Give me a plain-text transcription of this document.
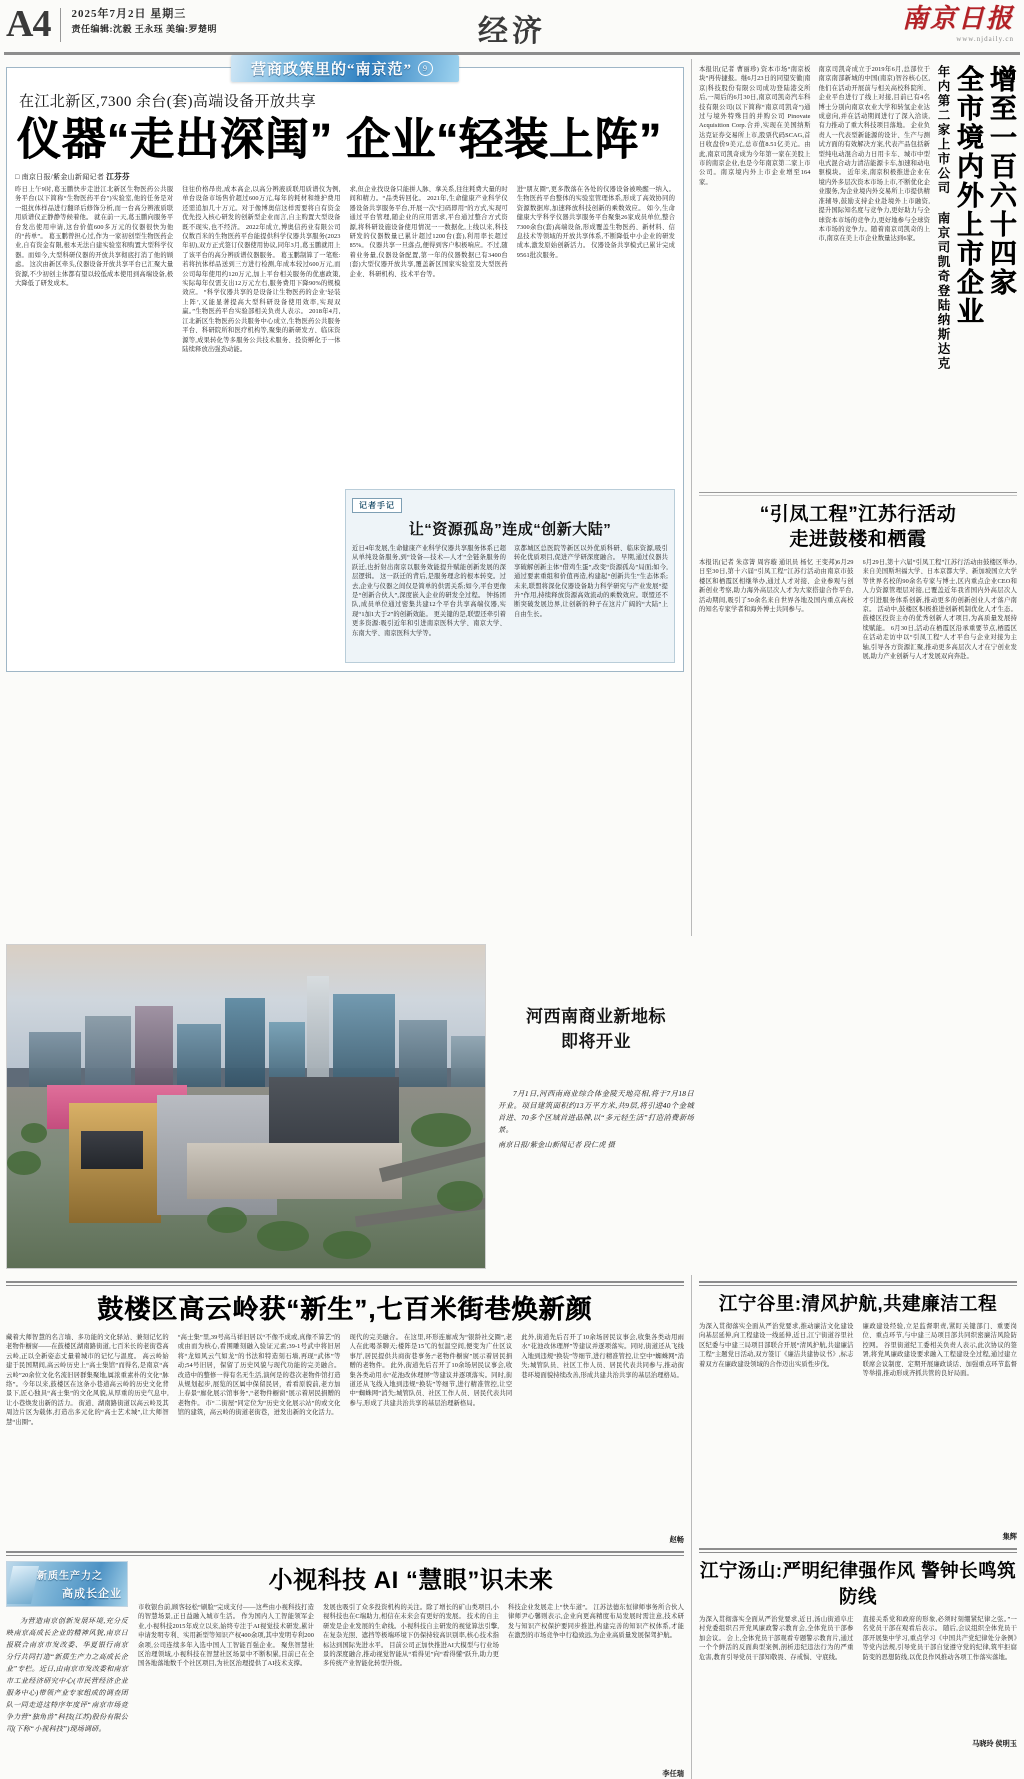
A4	2025年7月2日 星期三
责任编辑:沈毅 王永珏 美编:罗楚明	经济	南京日报
www.njdaily.cn
营商政策里的“南京范”	9
在江北新区,7300 余台(套)高端设备开放共享
仪器“走出深闺” 企业“轻装上阵”
□ 南京日报/紫金山新闻记者 江芬芬
昨日上午9时,葛玉鹏快步走进江北新区生物医药公共服务平台(以下简称“生物医药平台”)实验室,他的任务是对一组抗体样品进行翻译后修饰分析,而一台高分辨液质联用质谱仪正静静等候着他。 就在前一天,葛玉鹏向服务平台发出使用申请,这台价值600多万元的仪器很快为他的“药单”。 葛玉鹏曾担心过,作为一家初创型生物医药企业,自有资金有限,根本无法自建实验室和购置大型科学仪器。而如今,大型科研仪器的开放共享彻底打消了他的顾虑。 这次由新区牵头,仪器设备开放共享平台已汇聚大量资源,不少初创主体都有望以较低成本使用到高端设备,极大降低了研发成本。
往往价格昂贵,成本高企,以高分辨液质联用质谱仪为例,单台设备市场售价超过600万元,每年的耗材和维护费用还需追加几十万元。对于像博奥信这样需要将自有资金优先投入核心研发的创新型企业而言,自主购置大型设备既不现实,也不经济。 2022年成立,博奥信药业有限公司仅数百米的生物医药平台能提供科学仪器共享服务(2023年初),双方正式签订仪器使用协议,同年3月,葛玉鹏就用上了该平台的高分辨质谱仪器服务。 葛玉鹏制算了一笔账:若将抗体样品送到三方进行检测,年成本较过600万元,而公司每年使用约120万元,加上平台相关服务的优惠政策,实际每年仅需支出12万元左右,服务费用下降90%的规模效应。 “科学仪器共享的是设备让生物医药的企业‘轻装上阵’,又能显著提高大型科研设备使用效率,实现双赢。”生物医药平台实验部相关负责人表示。 2018年4月,江北新区生物医药公共服务中心成立,生物医药公共服务平台、科研院所和医疗机构等,聚集的新研发方、临床资源等,成果转化等多服务公共技术服务、投资孵化于一体陆续释放出强劲动能。
求,但企业找设备只能拼人脉、拿关系,往往耗费大量的时间和精力。“品类转回化。 2021年,生命健康产业科学仪器设备共享服务平台,开展一次“扫码即用”的方式,实现可通过平台管理,随企业的应用需求,平台通过整合方式资源,将科研设施设备使用情况一一数据化,上线以来,科技研发的仪器数量已累计超过1200台(套),利用率长超过85%。 仪器共享一旦落点,便得到客户积极响应。不过,随着业务量,仪器设备配置,第一年的仪器数据已有3400台(套)大型仪器开放共享,覆盖新区国家实验室及大型医药企业、科研机构、技术平台等。
进“朋友圈”,更多散落在各处的仪器设备被唤醒一纳入。生物医药平台整体的实验室管理体系,形成了高效协同的资源数据库,加速释放科技创新的乘数效应。 如今,生命健康大学科学仪器共享服务平台聚集26家成员单位,整合7300余台(套)高端设备,形成覆盖生物医药、新材料、信息技术等领域的开放共享体系,不断降低中小企业的研发成本,激发原始创新活力。 仪器设备共享模式已累计完成9561批次服务。
记者手记
让“资源孤岛”连成“创新大陆”
近日4年发展,生命健康产业科学仪器共享服务体系已超从单纯设备服务,到“设备—技术—人才”全链条服务的跃迁,也折射出南京以服务效能提升赋能创新发展的深层逻辑。 这一跃迁的背后,是服务理念的根本转变。过去,企业与仪器之间仅是简单的供需关系;如今,平台更像是“创新合伙人”,深度嵌入企业的研发全过程。 钟扬团队,成员单位通过密集共建12个平台共享高端仪器,实现“1加1大于2”的创新效能。 更关键的是,联盟还牵引着更多资源:吸引近年和引进南京医科大学、南京大学、东南大学、南京医科大学等。
京都城区总医院等新区以外优质科研、临床资源,吸引转化优质项目,促进产学研深度融合。 早期,通过仪器共享破解创新主体“借鸡生蛋”,改变“资源孤岛”局面;如今,通过要素重组和价值再造,构建起“创新共生”生态体系;未来,联盟将深化仪器设备助力科学研究与产业发展“提升”作用,持续释放资源高效流动的乘数效应。联盟还不断突破发展边界,让创新的种子在这片广阔的“大陆”上自由生长。
年内第二家上市公司 南京司凯奇登陆纳斯达克 全市境内外上市企业 增至一百六十四家
本报讯(记者 曹丽珍) 资本市场“南京板块”再传捷报。继6月23日的同望安徽|南京|科技股份有限公司成功登陆港交所后,一周后的6月30日,南京司凯奇汽车科技有限公司(以下简称“南京司凯奇”)通过与境外特殊目的并购公司 Pinovate Acquisition Corp.合并,实现在美国纳斯达克证券交易所上市,股票代码SCAG,首日收盘价9美元,总市值8.51亿美元。由此,南京司凯奇成为今年第一家在美股上市的南京企业,也是今年南京第二家上市公司。南京境内外上市企业增至164家。
南京司凯奇成立于2019年6月,总部位于南京南部新城的中国(南京)智谷核心区,他们在活动开展前与相关高校科院所、企业平台进行了线上对接,目前已有4名博士分别向南京农业大学和转氢企业达成意向,并在活动期间进行了深入洽谈,有力推动了重大科技项目落地。 企业负责人一代表型新能源的设计、生产与测试方面的有效解决方案,代表产品包括新型纯电动混合动力日用卡车、城市中型电式混合动力清洁能源卡车,加速和动电驱模块。 近年来,南京积极推进企业在境内外多层次资本市场上市,不断优化企业服务,为企业境内外交易所上市提供精准辅导,鼓励支持企业赴境外上市融资,提升国际知名度与竞争力,更好助力与全球资本市场的竞争力,更好地参与全球资本市场的竞争力。随着南京司凯奇的上市,南京在美上市企业数量达到6家。
“引凤工程”江苏行活动
走进鼓楼和栖霞
本报讯(记者 朱彦箐 周容璇 通讯员 杨忆 王变邦)6月29日至30日,第十六届“引凤工程”江苏行活动由南京市鼓楼区和栖霞区相继举办,通过人才对接、企业参观与创新创业考察,助力海外高层次人才为大家搭建合作平台,活动期间,吸引了50余名来自世界各地及国内重点高校的知名专家学者和海外博士共同参与。
6月29日,第十六届“引凤工程”江苏行活动由鼓楼区举办,来自美国斯坦福大学、日本京都大学、新加坡国立大学等世界名校的90余名专家与博士,区内重点企业CEO和人力资源管理层对接,已覆盖近年我省国内外高层次人才引进服务体系创新,推动更多的创新创业人才落户南京。 活动中,鼓楼区积极推进创新机制优化人才生态。鼓楼区投资主办的优秀创新人才项目,为高质量发展持续赋能。 6月30日,活动在栖霞区沿承重要节点,栖霞区在活动走访中以“引凤工程”人才平台与企业对接为主轴,引导各方资源汇聚,推动更多高层次人才在宁创业发展,助力产业创新与人才发展双向奔赴。
河西南商业新地标
即将开业

7月1日,河西南商业综合体金陵天地亮相,将于7月18日开业。项目建筑面积约13万平方米,共9层,将引进40个金城首进、70多个区域首进品牌,以“多元轻生活”打造消费新场景。

南京日报/紫金山新闻记者 段仁虎 摄
鼓楼区高云岭获“新生”,七百米街巷焕新颜
藏着大师智慧的名言墙、多功能的文化驿站、兼刻记忆的老物件橱窗——在鼓楼区湖南路街道,七百米长的老街巷高云岭,正以全新姿态丈量着城市的记忆与温度。 高云岭始建于民国期间,高云岭历史上“高士集馆”而得名,是南京“高云岭”20余位文化名流旧居群集聚地,属浓重素朴的文化“脉络”。今年以来,鼓楼区在这条小巷道高云岭的历史文化背景下,匠心独具“高士集”的文化风貌,从厚重的历史气息中,让小巷焕发出新的活力。 街道、湖南路街道以高云岭及其周边片区为载体,打造出多元化的“高士艺术城”,让大师智慧“出圈”。
“高士集”里,39号高马祥旧居以“不像不成或,真像不算艺”的或由而为核心,看围雕刻融入验证元素;39-1号武中将旧居将“龙如风云气如龙”的书法和特造刻石墙,再现“武体”等动;54号旧居，保留了历史风貌与现代功能的完美融合。 改造中的整修一得有名无生活,演何是的巷次老物件馆打造从规划起步,展览的区属中保留民居，看看原貌前,老方加上春景“廊化展示馆事务”,“老物件橱窗”展示着居民捐赠的老物件。 市“二街屋”同定位为“历史文化展示站”的或文化馆的建筑，高云岭的街道老街巷，迸发出新的文化活力。
现代的完美融合。 在这里,环形连廊成为“银龄社交圈”,老人在此喝茶聊天;楼阵是15℃的恒温空间,便变为广仕区议事厅,居民提供共商街巷事务;“老物件橱窗”展示着居民捐赠的老物件。 此外,街道先后召开了10余场居民议事会,收集各类动用水“花池改休理屏”等建议并逐项落实。同时,街道还从飞线入地到违规“换装”等细节,进行精准管控,让空中“蜘蛛网”消失;城管队员、社区工作人员、居民代表共同参与,形成了共建共治共享的基层治理新格局。
此外,街道先后召开了10余场居民议事会,收集各类动用雨水“花池改休理屏”等建议并逐项落实。同时,街道还从飞线入地到违规“换装”等细节,进行精准管控,让空中“蜘蛛网”消失;城管队员、社区工作人员、居民代表共同参与,推动街巷环境面貌持续改善,形成共建共治共享的基层治理格局。
赵畅
新质生产力之
高成长企业

为营造南京创新发展环境,充分反映南京高成长企业的精神风貌,南京日报联合南京市发改委、华夏银行南京分行共同打造“新质生产力之高成长企业”专栏。近日,由南京市发改委和南京市工业经济研究中心(市民营经济企业服务中心)带领产业专家组成的调查团队一同走进这特序年度评“南京市场竞争力营“独角兽”科技(江苏)股份有限公司(下称“小视科技”)现场调研。

小视科技 AI “慧眼”识未来
市收银台前,顾客轻松“刷脸”完成支付——这些由小视科技打造的智慧场景,正日益融入城市生活。 作为国内人工智能领军企业,小视科技2015年成立以来,始终专注于AI视觉技术研发,累计申请发明专利、实用新型等知识产权400余项,其中发明专利200余项,公司连续多年入选中国人工智能百强企业。 聚焦智慧社区治理领域,小视科技在智慧社区场景中不断积累,目前已在全国各地落地数千个社区项目,为社区治理提供了AI技术支撑。
发展也吸引了众多投资机构的关注。除了增长的矿山类项目,小视科技也在C端助力,相信在未来会有更好的发展。 技术的自主研发是企业发展的生命线。小视科技自主研发的视觉算法引擎,在复杂光照、遮挡等极端环境下仍保持较高识别率,核心技术指标达到国际先进水平。 目前公司正加快推进AI大模型与行业场景的深度融合,推动视觉智能从“看得见”向“看得懂”跃升,助力更多传统产业智能化转型升级。
科技企业发展走上“快车道”。 江苏法德东恒律师事务所合伙人律师尹心馨则表示,企业向更高精度布局发展时需注意,技术研发与知识产权保护要同步推进,构建完善的知识产权体系,才能在激烈的市场竞争中行稳致远,为企业高质量发展保驾护航。
李任瑞
江宁谷里:清风护航,共建廉洁工程
为深入贯彻落实全面从严治党要求,推动廉洁文化建设向基层延伸,向工程建设一线延伸,近日,江宁街道谷里社区纪委与中建三局项目部联合开展“清风护航,共建廉洁工程”主题党日活动,双方签订《廉洁共建协议书》,标志着双方在廉政建设领域的合作迈出实质性步伐。
廉政建设经验,立足监督职责,紧盯关键部门、重要岗位、重点环节,与中建三局项目部共同织密廉洁风险防控网。 谷里街道纪工委相关负责人表示,此次协议的签署,将党风廉政建设要求融入工程建设全过程,通过建立联席会议制度、定期开展廉政谈话、加强重点环节监督等举措,推动形成齐抓共管的良好局面。
集辉
江宁汤山:严明纪律强作风 警钟长鸣筑防线
为深入贯彻落实全面从严治党要求,近日,汤山街道阜庄村党委组织召开党风廉政警示教育会,全体党员干部参加会议。 会上,全体党员干部观看专题警示教育片,通过一个个鲜活的反面典型案例,剖析违纪违法行为的严重危害,教育引导党员干部知敬畏、存戒惧、守底线。
直接关系党和政府的形象,必须时刻绷紧纪律之弦。”一名党员干部在观看后表示。 随后,会议组织全体党员干部开展集中学习,重点学习《中国共产党纪律处分条例》等党内法规,引导党员干部自觉遵守党的纪律,筑牢拒腐防变的思想防线,以优良作风推动各项工作落实落地。
马晓玲 侯明玉
